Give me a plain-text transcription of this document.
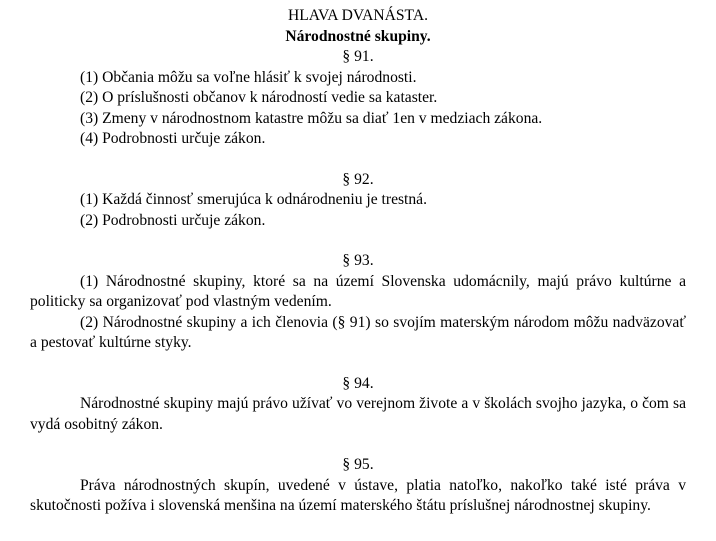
HLAVA DVANÁSTA.

Národnostné skupiny.

§ 91.

(1) Občania môžu sa voľne hlásiť k svojej národnosti.

(2) O príslušnosti občanov k národností vedie sa kataster.

(3) Zmeny v národnostnom katastre môžu sa diať 1en v medziach zákona.

(4) Podrobnosti určuje zákon.

§ 92.

(1) Každá činnosť smerujúca k odnárodneniu je trestná.

(2) Podrobnosti určuje zákon.

§ 93.

(1) Národnostné skupiny, ktoré sa na území Slovenska udomácnily, majú právo kultúrne a politicky sa organizovať pod vlastným vedením.

(2) Národnostné skupiny a ich členovia (§ 91) so svojím materským národom môžu nadväzovať a pestovať kultúrne styky.

§ 94.

Národnostné skupiny majú právo užívať vo verejnom živote a v školách svojho jazyka, o čom sa vydá osobitný zákon.

§ 95.

Práva národnostných skupín, uvedené v ústave, platia natoľko, nakoľko také isté práva v skutočnosti požíva i slovenská menšina na území materského štátu príslušnej národnostnej skupiny.
